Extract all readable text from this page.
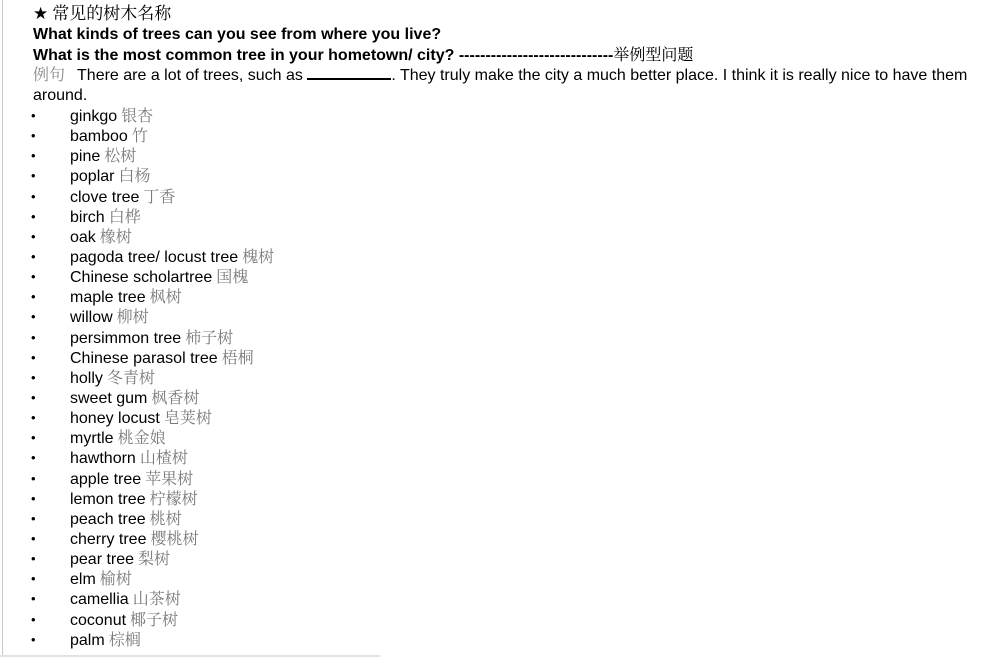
★ 常见的树木名称
What kinds of trees can you see from where you live?
What is the most common tree in your hometown/ city? -----------------------------举例型问题
例句 There are a lot of trees, such as	. They truly make the city a much better place. I think it is really nice to have them around.
• ginkgo 银杏
• bamboo 竹
• pine 松树
• poplar 白杨
• clove tree 丁香
• birch 白桦
• oak 橡树
• pagoda tree/ locust tree 槐树
• Chinese scholartree 国槐
• maple tree 枫树
• willow 柳树
• persimmon tree 柿子树
• Chinese parasol tree 梧桐
• holly 冬青树
• sweet gum 枫香树
• honey locust 皂荚树
• myrtle 桃金娘
• hawthorn 山楂树
• apple tree 苹果树
• lemon tree 柠檬树
• peach tree 桃树
• cherry tree 樱桃树
• pear tree 梨树
• elm 榆树
• camellia 山茶树
• coconut 椰子树
• palm 棕榈
